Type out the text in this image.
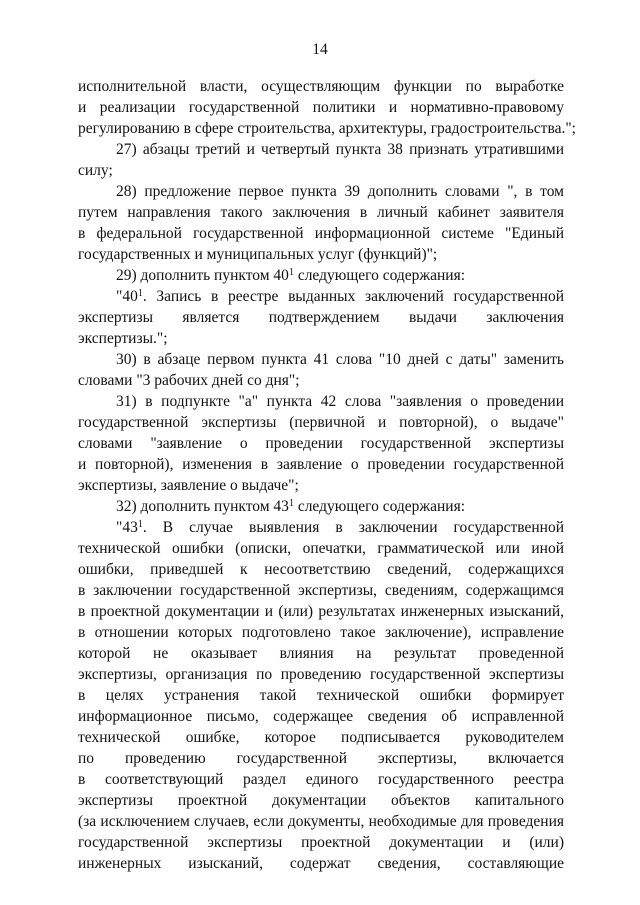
14
исполнительной власти, осуществляющим функции по выработке
и реализации государственной политики и нормативно-правовому
регулированию в сфере строительства, архитектуры, градостроительства.";
27) абзацы третий и четвертый пункта 38 признать утратившими
силу;
28) предложение первое пункта 39 дополнить словами ", в том
путем направления такого заключения в личный кабинет заявителя
в федеральной государственной информационной системе "Единый
государственных и муниципальных услуг (функций)";
29) дополнить пунктом $40^1$ следующего содержания:
"$40^1$. Запись в реестре выданных заключений государственной
экспертизы является подтверждением выдачи заключения
экспертизы.";
30) в абзаце первом пункта 41 слова "10 дней с даты" заменить
словами "3 рабочих дней со дня";
31) в подпункте "а" пункта 42 слова "заявления о проведении
государственной экспертизы (первичной и повторной), о выдаче"
словами "заявление о проведении государственной экспертизы
и повторной), изменения в заявление о проведении государственной
экспертизы, заявление о выдаче";
32) дополнить пунктом $43^1$ следующего содержания:
"$43^1$. В случае выявления в заключении государственной
технической ошибки (описки, опечатки, грамматической или иной
ошибки, приведшей к несоответствию сведений, содержащихся
в заключении государственной экспертизы, сведениям, содержащимся
в проектной документации и (или) результатах инженерных изысканий,
в отношении которых подготовлено такое заключение), исправление
которой не оказывает влияния на результат проведенной
экспертизы, организация по проведению государственной экспертизы
в целях устранения такой технической ошибки формирует
информационное письмо, содержащее сведения об исправленной
технической ошибке, которое подписывается руководителем
по проведению государственной экспертизы, включается
в соответствующий раздел единого государственного реестра
экспертизы проектной документации объектов капитального
(за исключением случаев, если документы, необходимые для проведения
государственной экспертизы проектной документации и (или)
инженерных изысканий, содержат сведения, составляющие
